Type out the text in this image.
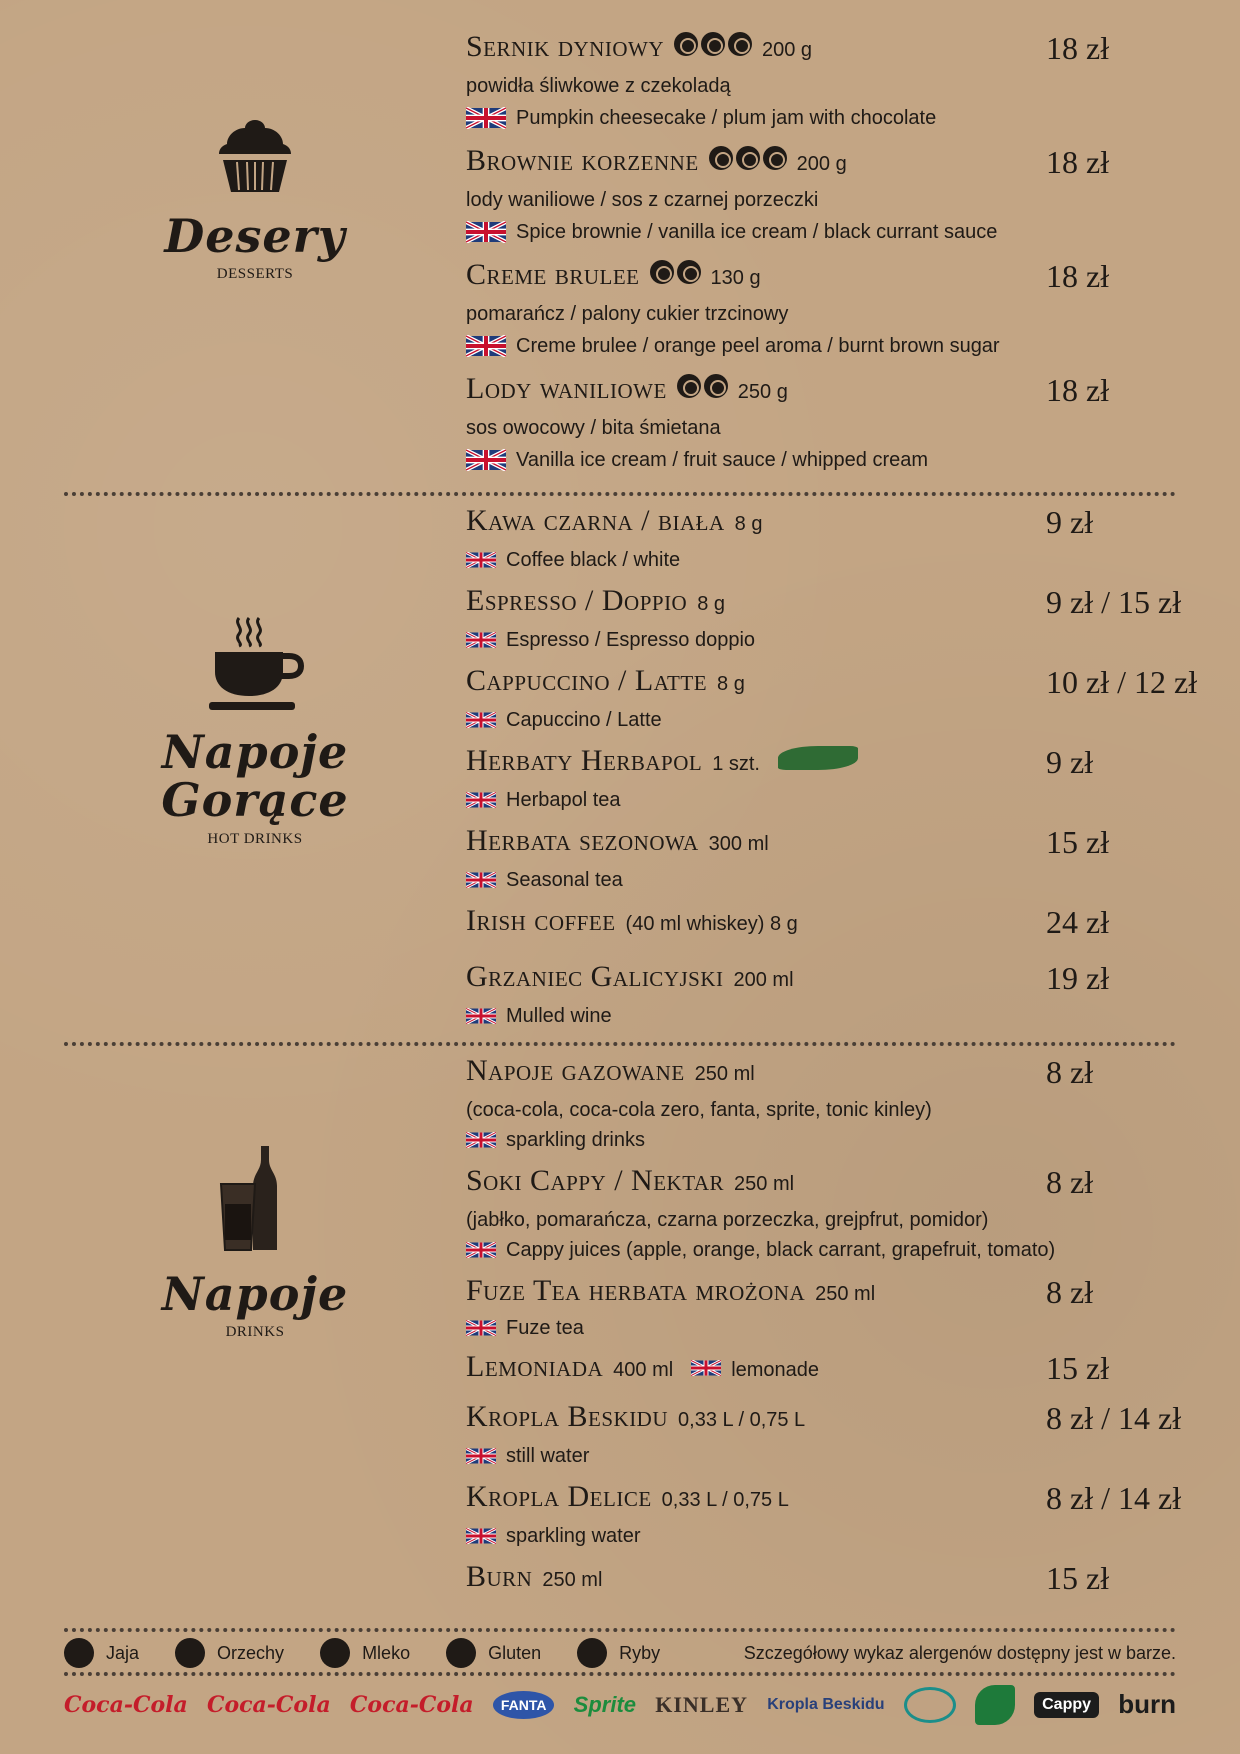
Desery
DESSERTS
Sernik dyniowy	200 g	18 zł
powidła śliwkowe z czekoladą
Pumpkin cheesecake / plum jam with chocolate
Brownie korzenne	200 g	18 zł
lody waniliowe / sos z czarnej porzeczki
Spice brownie / vanilla ice cream / black currant sauce
Creme brulee	130 g	18 zł
pomarańcz / palony cukier trzcinowy
Creme brulee / orange peel aroma / burnt brown sugar
Lody waniliowe	250 g	18 zł
sos owocowy / bita śmietana
Vanilla ice cream / fruit sauce / whipped cream
Napoje Gorące
HOT DRINKS
Kawa czarna / biała 8 g	9 zł
Coffee black / white
Espresso / Doppio 8 g	9 zł / 15 zł
Espresso / Espresso doppio
Cappuccino / Latte 8 g	10 zł / 12 zł
Capuccino / Latte
Herbaty Herbapol 1 szt.	9 zł
Herbapol tea
Herbata sezonowa 300 ml	15 zł
Seasonal tea
Irish coffee (40 ml whiskey) 8 g	24 zł
Grzaniec Galicyjski 200 ml	19 zł
Mulled wine
Napoje
DRINKS
Napoje gazowane 250 ml	8 zł
(coca-cola, coca-cola zero, fanta, sprite, tonic kinley)
sparkling drinks
Soki Cappy / Nektar 250 ml	8 zł
(jabłko, pomarańcza, czarna porzeczka, grejpfrut, pomidor)
Cappy juices (apple, orange, black carrant, grapefruit, tomato)
Fuze Tea herbata mrożona 250 ml	8 zł
Fuze tea
Lemoniada 400 ml	lemonade	15 zł
Kropla Beskidu 0,33 L / 0,75 L	8 zł / 14 zł
still water
Kropla Delice 0,33 L / 0,75 L	8 zł / 14 zł
sparkling water
Burn 250 ml	15 zł
Jaja	Orzechy	Mleko	Gluten	Ryby	Szczegółowy wykaz alergenów dostępny jest w barze.
Coca-Cola Coca-Cola Coca-Cola	FANTA	Sprite KINLEY Kropla Beskidu	Cappy	burn
